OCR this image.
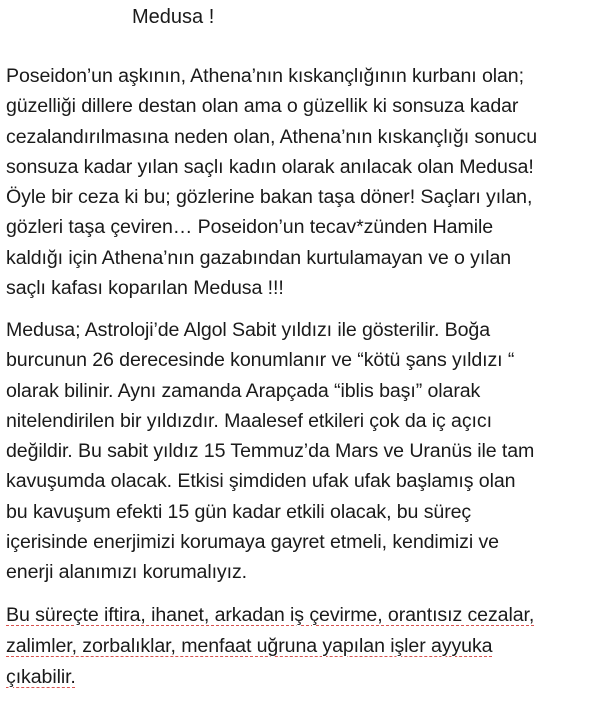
Medusa !

Poseidon’un aşkının, Athena’nın kıskançlığının kurbanı olan;
güzelliği dillere destan olan ama o güzellik ki sonsuza kadar
cezalandırılmasına neden olan, Athena’nın kıskançlığı sonucu
sonsuza kadar yılan saçlı kadın olarak anılacak olan Medusa!
Öyle bir ceza ki bu; gözlerine bakan taşa döner! Saçları yılan,
gözleri taşa çeviren… Poseidon’un tecav*zünden Hamile
kaldığı için Athena’nın gazabından kurtulamayan ve o yılan
saçlı kafası koparılan Medusa !!!

Medusa; Astroloji’de Algol Sabit yıldızı ile gösterilir. Boğa
burcunun 26 derecesinde konumlanır ve “kötü şans yıldızı “
olarak bilinir. Aynı zamanda Arapçada “iblis başı” olarak
nitelendirilen bir yıldızdır. Maalesef etkileri çok da iç açıcı
değildir. Bu sabit yıldız 15 Temmuz’da Mars ve Uranüs ile tam
kavuşumda olacak. Etkisi şimdiden ufak ufak başlamış olan
bu kavuşum efekti 15 gün kadar etkili olacak, bu süreç
içerisinde enerjimizi korumaya gayret etmeli, kendimizi ve
enerji alanımızı korumalıyız.

Bu süreçte iftira, ihanet, arkadan iş çevirme, orantısız cezalar,
zalimler, zorbalıklar, menfaat uğruna yapılan işler ayyuka
çıkabilir.
